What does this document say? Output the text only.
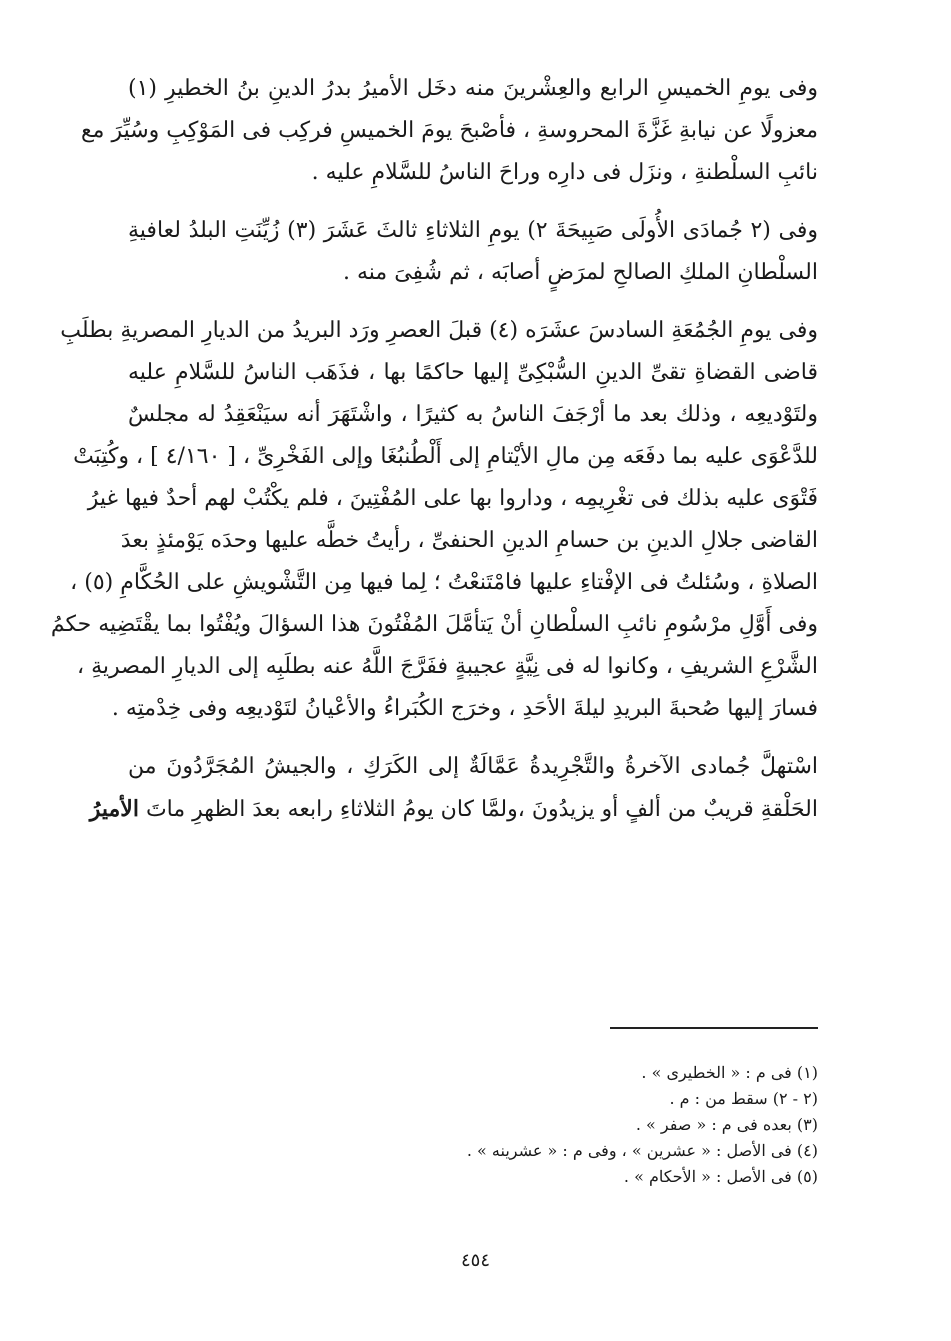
وفى يومِ الخميسِ الرابع والعِشْرينَ منه دخَل الأميرُ بدرُ الدينِ بنُ الخطيرِ (١)
معزولًا عن نيابةِ غَزَّةَ المحروسةِ ، فأصْبحَ يومَ الخميسِ فركِب فى المَوْكِبِ وسُيِّرَ مع
نائبِ السلْطنةِ ، ونزَل فى دارِه وراحَ الناسُ للسَّلامِ عليه .

وفى (٢ جُمادَى الأُولَى صَبِيحَةَ ٢) يومِ الثلاثاءِ ثالثَ عَشَرَ (٣) زُيِّنَتِ البلدُ لعافيةِ
السلْطانِ الملكِ الصالحِ لمرَضٍ أصابَه ، ثم شُفِىَ منه .

وفى يومِ الجُمُعَةِ السادسَ عشَرَه (٤) قبلَ العصرِ ورَد البريدُ من الديارِ المصريةِ بطلَبِ
قاضى القضاةِ تقىِّ الدينِ السُّبْكِىِّ إليها حاكمًا بها ، فذَهَب الناسُ للسَّلامِ عليه
ولتَوْديعِه ، وذلك بعد ما أرْجَفَ الناسُ به كثيرًا ، واشْتَهَرَ أنه سيَنْعَقِدُ له مجلسٌ
للدَّعْوَى عليه بما دفَعَه مِن مالِ الأيْتامِ إلى أَلْطُنبُغَا وإلى الفَخْرِىِّ ، [ ٤/١٦٠ ] ، وكُتِبَتْ
فَتْوَى عليه بذلك فى تغْرِيمِه ، وداروا بها على المُفْتِينَ ، فلم يكْتُبْ لهم أحدٌ فيها غيرُ
القاضى جلالِ الدينِ بن حسامِ الدينِ الحنفىِّ ، رأيتُ خطَّه عليها وحدَه يَوْمئذٍ بعدَ
الصلاةِ ، وسُئلتُ فى الإفْتاءِ عليها فامْتَنعْتُ ؛ لِما فيها مِن التَّشْويشِ على الحُكَّامِ (٥) ،
وفى أَوَّلِ مرْسُومِ نائبِ السلْطانِ أنْ يَتأمَّلَ المُفْتُونَ هذا السؤالَ ويُفْتُوا بما يقْتَضِيه حكمُ
الشَّرْعِ الشريفِ ، وكانوا له فى نِيَّةٍ عجيبةٍ ففَرَّجَ اللَّهُ عنه بطلَبِه إلى الديارِ المصريةِ ،
فسارَ إليها صُحبةَ البريدِ ليلةَ الأحَدِ ، وخرَج الكُبَراءُ والأعْيانُ لتَوْديعِه وفى خِدْمتِه .

اسْتهلَّ جُمادى الآخرةُ والتَّجْرِيدةُ عَمَّالَةٌ إلى الكَرَكِ ، والجيشُ المُجَرَّدُونَ من
الحَلْقةِ قريبٌ من ألفٍ أو يزيدُونَ ،ولمَّا كان يومُ الثلاثاءِ رابعه بعدَ الظهرِ ماتَ الأميرُ

(١) فى م : « الخطيرى » .
(٢ - ٢) سقط من : م .
(٣) بعده فى م : « صفر » .
(٤) فى الأصل : « عشرين » ، وفى م : « عشرينه » .
(٥) فى الأصل : « الأحكام » .
٤٥٤
